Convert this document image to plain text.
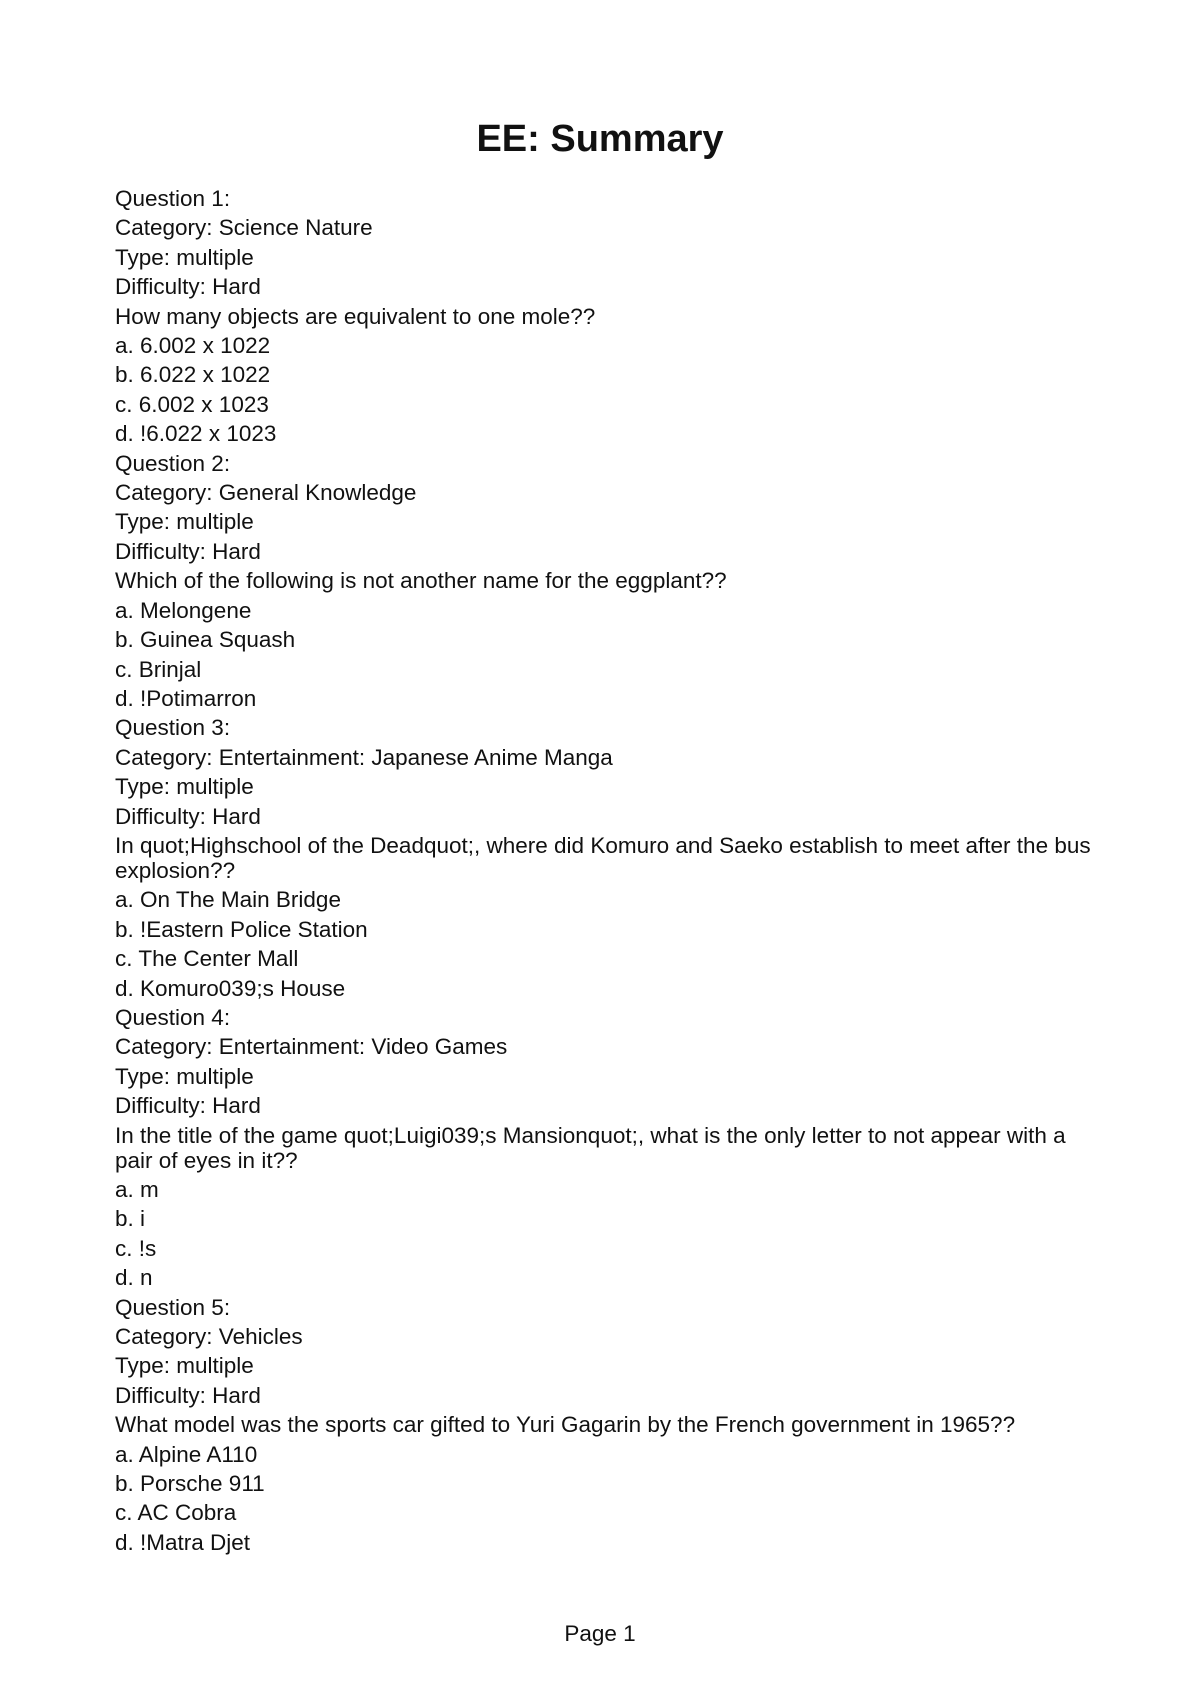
EE: Summary
Question 1:
Category: Science Nature
Type: multiple
Difficulty: Hard
How many objects are equivalent to one mole??
a. 6.002 x 1022
b. 6.022 x 1022
c. 6.002 x 1023
d. !6.022 x 1023
Question 2:
Category: General Knowledge
Type: multiple
Difficulty: Hard
Which of the following is not another name for the eggplant??
a. Melongene
b. Guinea Squash
c. Brinjal
d. !Potimarron
Question 3:
Category: Entertainment: Japanese Anime Manga
Type: multiple
Difficulty: Hard
In quot;Highschool of the Deadquot;, where did Komuro and Saeko establish to meet after the bus explosion??
a. On The Main Bridge
b. !Eastern Police Station
c. The Center Mall
d. Komuro039;s House
Question 4:
Category: Entertainment: Video Games
Type: multiple
Difficulty: Hard
In the title of the game quot;Luigi039;s Mansionquot;, what is the only letter to not appear with a pair of eyes in it??
a. m
b. i
c. !s
d. n
Question 5:
Category: Vehicles
Type: multiple
Difficulty: Hard
What model was the sports car gifted to Yuri Gagarin by the French government in 1965??
a. Alpine A110
b. Porsche 911
c. AC Cobra
d. !Matra Djet
Page 1
